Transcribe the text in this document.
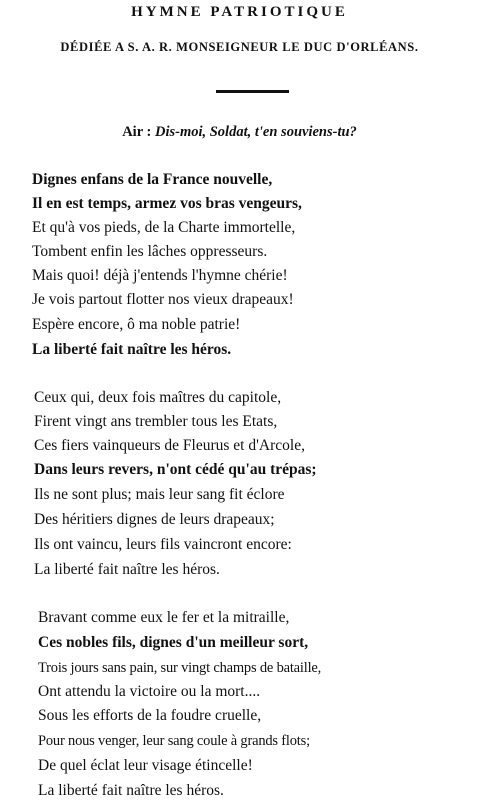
HYMNE PATRIOTIQUE
DÉDIÉE A S. A. R. MONSEIGNEUR LE DUC D'ORLÉANS.
Air : Dis-moi, Soldat, t'en souviens-tu?
Dignes enfans de la France nouvelle,
Il en est temps, armez vos bras vengeurs,
Et qu'à vos pieds, de la Charte immortelle,
Tombent enfin les lâches oppresseurs.
Mais quoi! déjà j'entends l'hymne chérie!
Je vois partout flotter nos vieux drapeaux!
Espère encore, ô ma noble patrie!
La liberté fait naître les héros.
Ceux qui, deux fois maîtres du capitole,
Firent vingt ans trembler tous les Etats,
Ces fiers vainqueurs de Fleurus et d'Arcole,
Dans leurs revers, n'ont cédé qu'au trépas;
Ils ne sont plus; mais leur sang fit éclore
Des héritiers dignes de leurs drapeaux;
Ils ont vaincu, leurs fils vaincront encore:
La liberté fait naître les héros.
Bravant comme eux le fer et la mitraille,
Ces nobles fils, dignes d'un meilleur sort,
Trois jours sans pain, sur vingt champs de bataille,
Ont attendu la victoire ou la mort....
Sous les efforts de la foudre cruelle,
Pour nous venger, leur sang coule à grands flots;
De quel éclat leur visage étincelle!
La liberté fait naître les héros.
